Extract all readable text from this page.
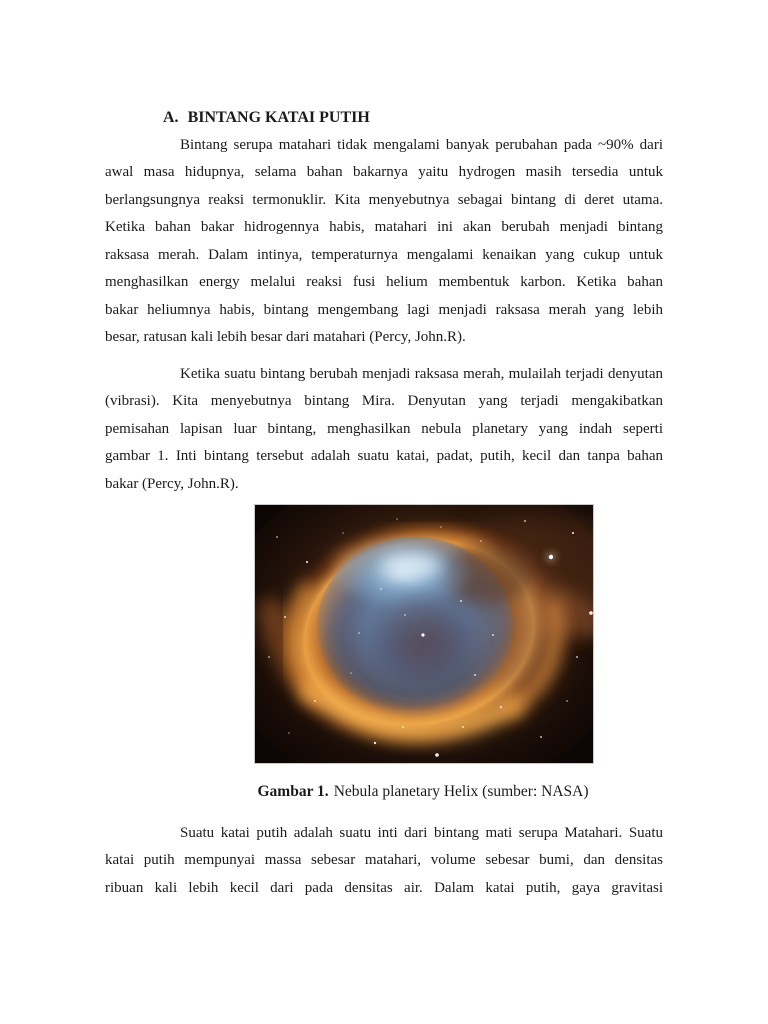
A. BINTANG KATAI PUTIH

Bintang serupa matahari tidak mengalami banyak perubahan pada ~90% dari
awal masa hidupnya, selama bahan bakarnya yaitu hydrogen masih tersedia untuk
berlangsungnya reaksi termonuklir. Kita menyebutnya sebagai bintang di deret utama.
Ketika bahan bakar hidrogennya habis, matahari ini akan berubah menjadi bintang
raksasa merah. Dalam intinya, temperaturnya mengalami kenaikan yang cukup untuk
menghasilkan energy melalui reaksi fusi helium membentuk karbon. Ketika bahan
bakar heliumnya habis, bintang mengembang lagi menjadi raksasa merah yang lebih
besar, ratusan kali lebih besar dari matahari (Percy, John.R).

Ketika suatu bintang berubah menjadi raksasa merah, mulailah terjadi denyutan
(vibrasi). Kita menyebutnya bintang Mira. Denyutan yang terjadi mengakibatkan
pemisahan lapisan luar bintang, menghasilkan nebula planetary yang indah seperti
gambar 1. Inti bintang tersebut adalah suatu katai, padat, putih, kecil dan tanpa bahan
bakar (Percy, John.R).

Gambar 1. Nebula planetary Helix (sumber: NASA)

Suatu katai putih adalah suatu inti dari bintang mati serupa Matahari. Suatu
katai putih mempunyai massa sebesar matahari, volume sebesar bumi, dan densitas
ribuan kali lebih kecil dari pada densitas air. Dalam katai putih, gaya gravitasi
